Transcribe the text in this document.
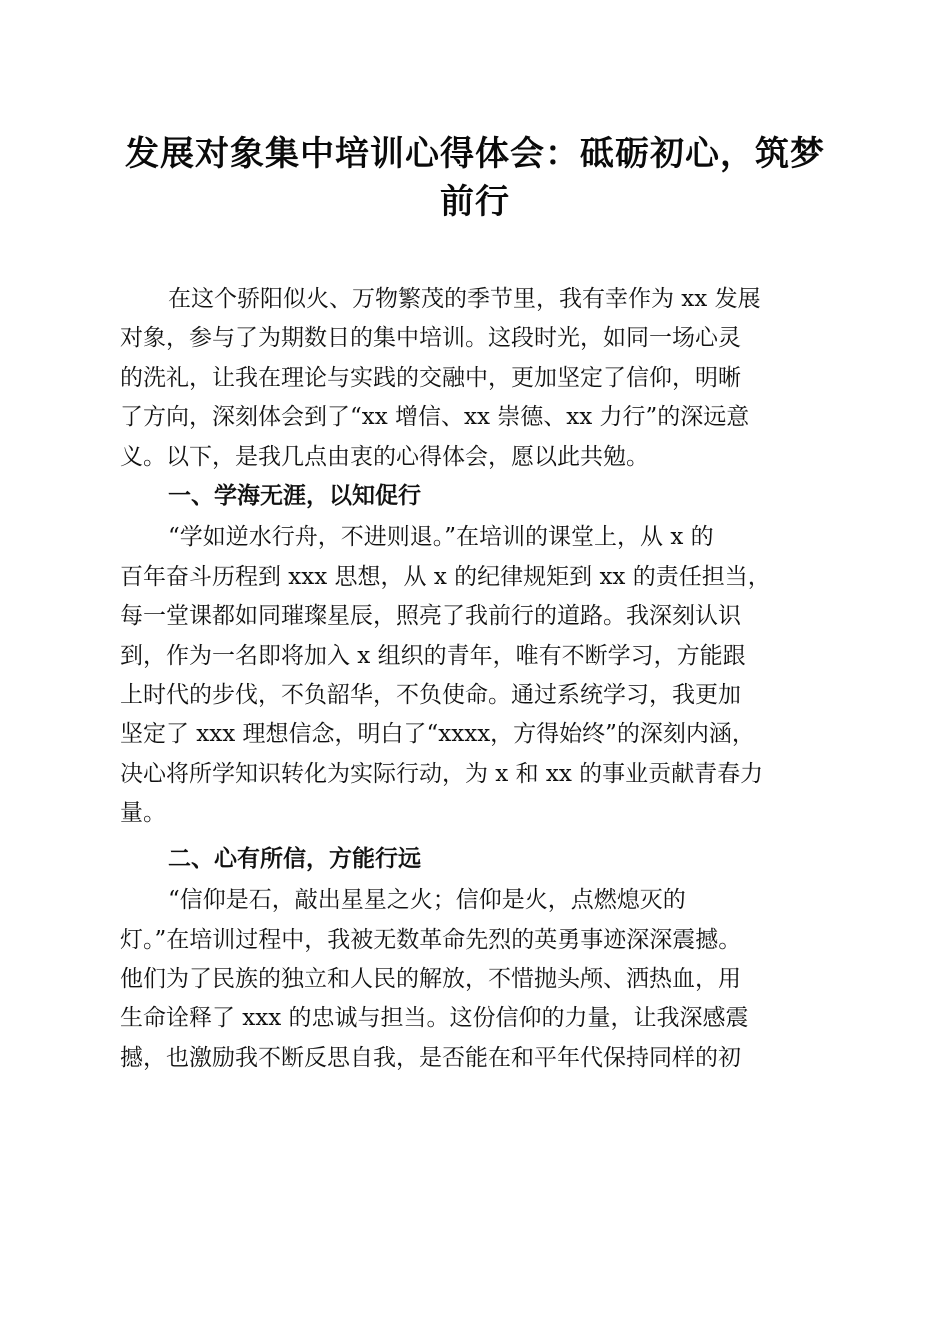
发展对象集中培训心得体会：砥砺初心，筑梦
前行

在这个骄阳似火、万物繁茂的季节里，我有幸作为 xx 发展
对象，参与了为期数日的集中培训。这段时光，如同一场心灵
的洗礼，让我在理论与实践的交融中，更加坚定了信仰，明晰
了方向，深刻体会到了“xx 增信、xx 崇德、xx 力行”的深远意
义。以下，是我几点由衷的心得体会，愿以此共勉。

一、学海无涯，以知促行

“学如逆水行舟，不进则退。”在培训的课堂上，从 x 的
百年奋斗历程到 xxx 思想，从 x 的纪律规矩到 xx 的责任担当，
每一堂课都如同璀璨星辰，照亮了我前行的道路。我深刻认识
到，作为一名即将加入 x 组织的青年，唯有不断学习，方能跟
上时代的步伐，不负韶华，不负使命。通过系统学习，我更加
坚定了 xxx 理想信念，明白了“xxxx，方得始终”的深刻内涵，
决心将所学知识转化为实际行动，为 x 和 xx 的事业贡献青春力
量。

二、心有所信，方能行远

“信仰是石，敲出星星之火；信仰是火，点燃熄灭的
灯。”在培训过程中，我被无数革命先烈的英勇事迹深深震撼。
他们为了民族的独立和人民的解放，不惜抛头颅、洒热血，用
生命诠释了 xxx 的忠诚与担当。这份信仰的力量，让我深感震
撼，也激励我不断反思自我，是否能在和平年代保持同样的初
